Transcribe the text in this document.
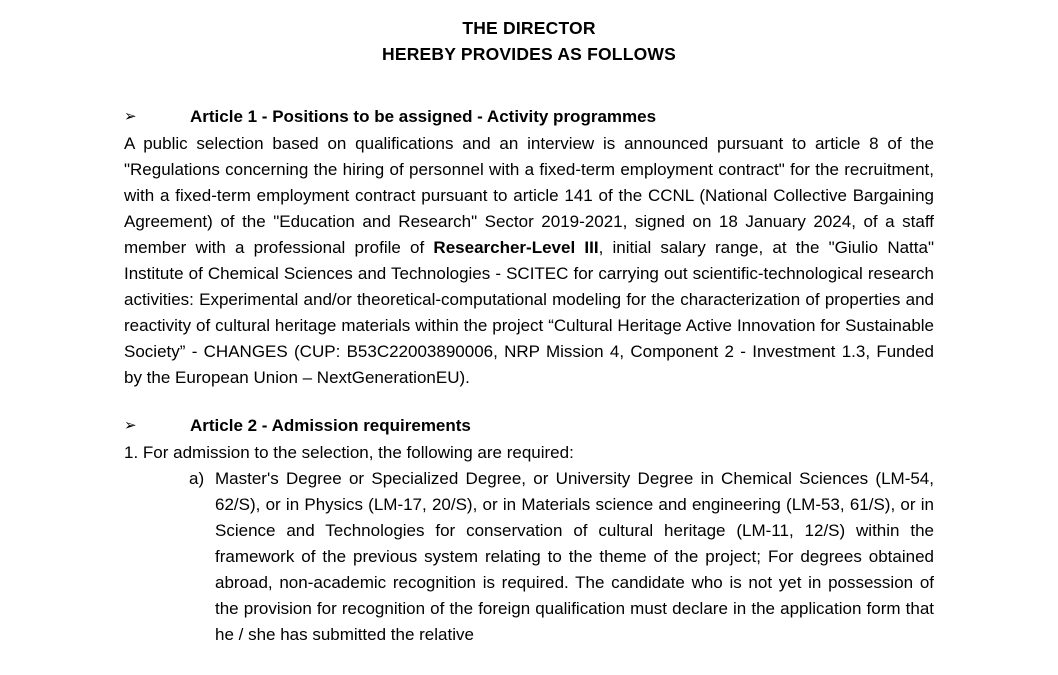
THE DIRECTOR
HEREBY PROVIDES AS FOLLOWS
➢	Article 1 - Positions to be assigned - Activity programmes
A public selection based on qualifications and an interview is announced pursuant to article 8 of the "Regulations concerning the hiring of personnel with a fixed-term employment contract" for the recruitment, with a fixed-term employment contract pursuant to article 141 of the CCNL (National Collective Bargaining Agreement) of the "Education and Research" Sector 2019-2021, signed on 18 January 2024, of a staff member with a professional profile of Researcher-Level III, initial salary range, at the "Giulio Natta" Institute of Chemical Sciences and Technologies - SCITEC for carrying out scientific-technological research activities: Experimental and/or theoretical-computational modeling for the characterization of properties and reactivity of cultural heritage materials within the project “Cultural Heritage Active Innovation for Sustainable Society” - CHANGES (CUP: B53C22003890006, NRP Mission 4, Component 2 - Investment 1.3, Funded by the European Union – NextGenerationEU).
➢	Article 2 - Admission requirements
1. For admission to the selection, the following are required:
a) Master's Degree or Specialized Degree, or University Degree in Chemical Sciences (LM-54, 62/S), or in Physics (LM-17, 20/S), or in Materials science and engineering (LM-53, 61/S), or in Science and Technologies for conservation of cultural heritage (LM-11, 12/S) within the framework of the previous system relating to the theme of the project; For degrees obtained abroad, non-academic recognition is required. The candidate who is not yet in possession of the provision for recognition of the foreign qualification must declare in the application form that he / she has submitted the relative
